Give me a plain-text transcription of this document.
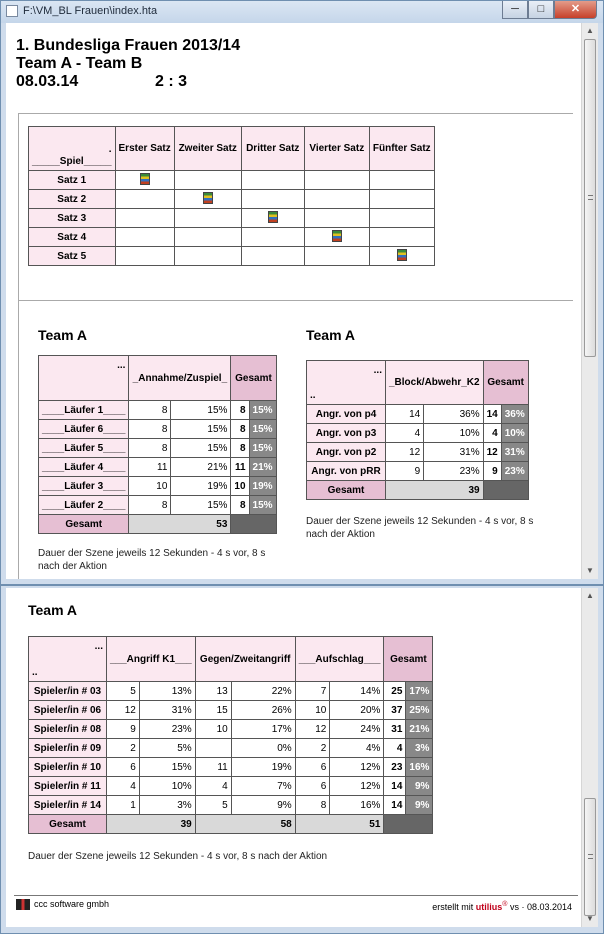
F:\VM_BL Frauen\index.hta	─	□	✕
1. Bundesliga Frauen 2013/14
Team A - Team B
08.03.14	2 : 3
.
_____Spiel_____	Erster Satz	Zweiter Satz	Dritter Satz	Vierter Satz	Fünfter Satz
Satz 1					
Satz 2					
Satz 3					
Satz 4					
Satz 5					
Team A
...	_Annahme/Zuspiel_		Gesamt	
____Läufer 1____	8	15%	8	15%
____Läufer 6____	8	15%	8	15%
____Läufer 5____	8	15%	8	15%
____Läufer 4____	11	21%	11	21%
____Läufer 3____	10	19%	10	19%
____Läufer 2____	8	15%	8	15%
Gesamt	53			
Dauer der Szene jeweils 12 Sekunden - 4 s vor, 8 s nach der Aktion
Team A
...
..	_Block/Abwehr_K2		Gesamt	
Angr. von p4	14	36%	14	36%
Angr. von p3	4	10%	4	10%
Angr. von p2	12	31%	12	31%
Angr. von pRR	9	23%	9	23%
Gesamt	39			
Dauer der Szene jeweils 12 Sekunden - 4 s vor, 8 s nach der Aktion
▲
▼
Team A
...
..	___Angriff K1___		Gegen/Zweitangriff		___Aufschlag___		Gesamt	
Spieler/in # 03	5	13%	13	22%	7	14%	25	17%
Spieler/in # 06	12	31%	15	26%	10	20%	37	25%
Spieler/in # 08	9	23%	10	17%	12	24%	31	21%
Spieler/in # 09	2	5%		0%	2	4%	4	3%
Spieler/in # 10	6	15%	11	19%	6	12%	23	16%
Spieler/in # 11	4	10%	4	7%	6	12%	14	9%
Spieler/in # 14	1	3%	5	9%	8	16%	14	9%
Gesamt	39		58		51			
Dauer der Szene jeweils 12 Sekunden - 4 s vor, 8 s nach der Aktion
ccc software gmbh	erstellt mit utilius® vs · 08.03.2014
▲
▼
